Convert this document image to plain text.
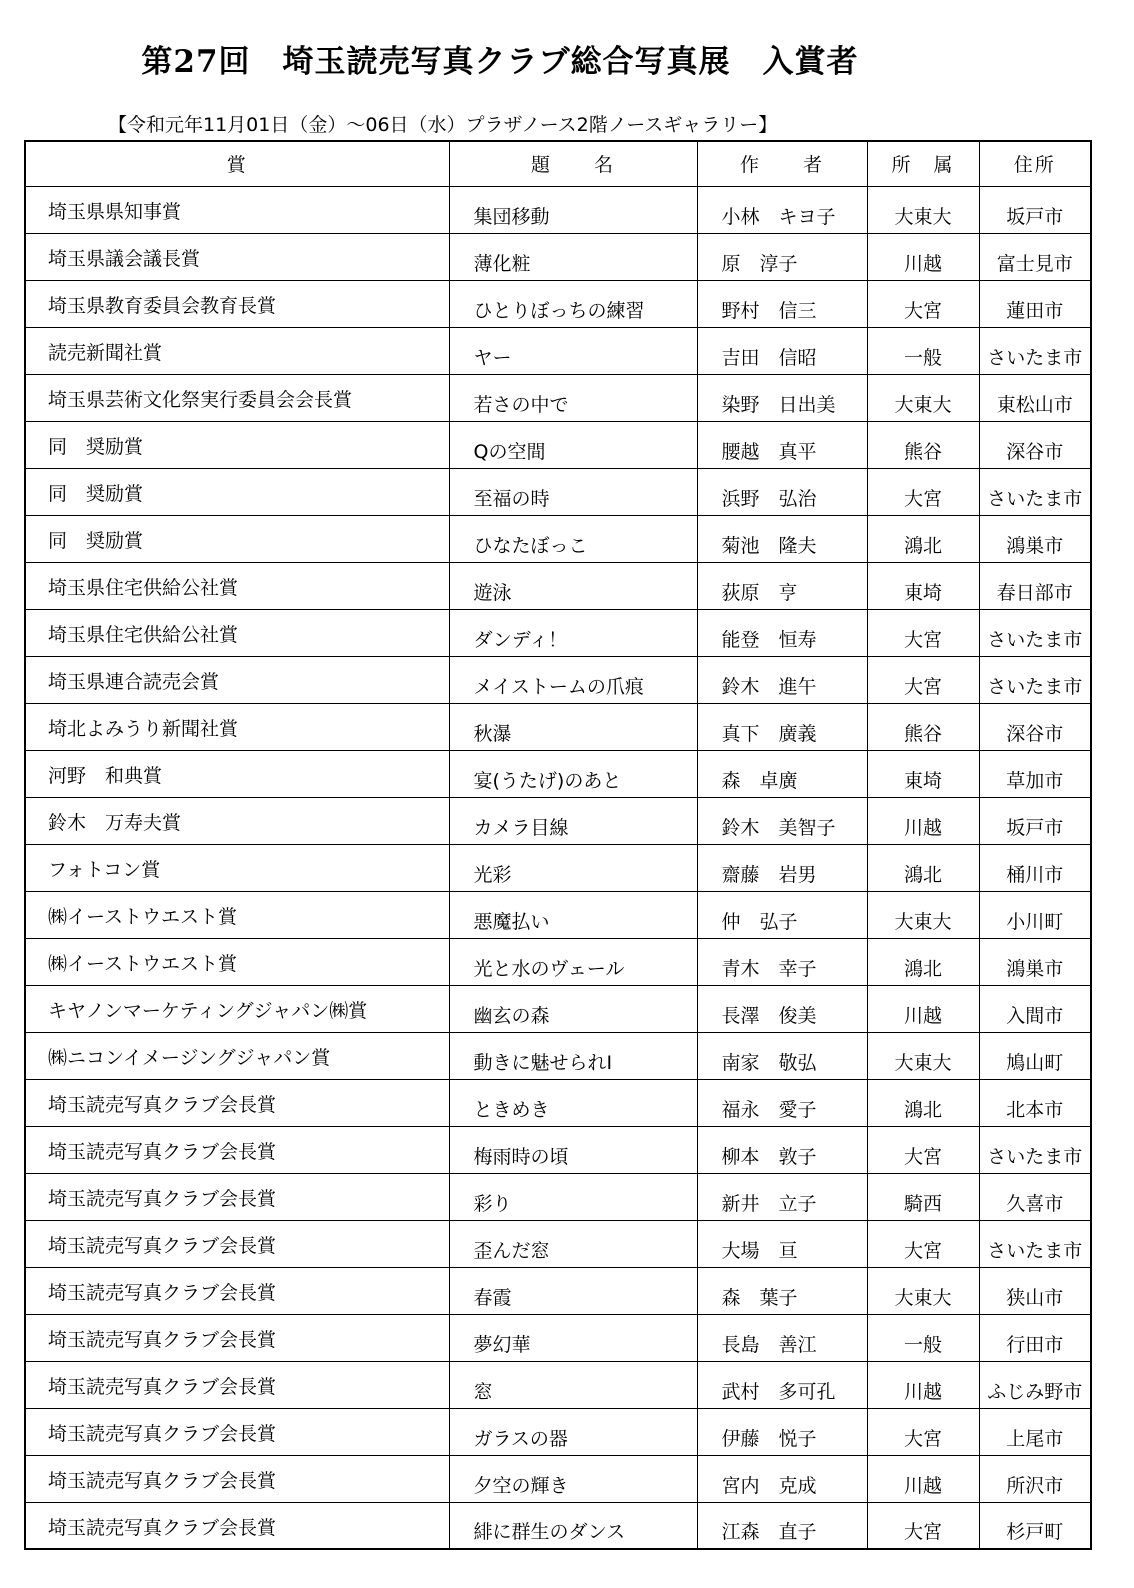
第27回　埼玉読売写真クラブ総合写真展　入賞者
【令和元年11月01日（金）～06日（水）プラザノース2階ノースギャラリー】
賞	題　　名	作　　者	所　属	住所
埼玉県県知事賞	集団移動	小林　キヨ子	大東大	坂戸市
埼玉県議会議長賞	薄化粧	原　淳子	川越	富士見市
埼玉県教育委員会教育長賞	ひとりぼっちの練習	野村　信三	大宮	蓮田市
読売新聞社賞	ヤー	吉田　信昭	一般	さいたま市
埼玉県芸術文化祭実行委員会会長賞	若さの中で	染野　日出美	大東大	東松山市
同　奨励賞	Qの空間	腰越　真平	熊谷	深谷市
同　奨励賞	至福の時	浜野　弘治	大宮	さいたま市
同　奨励賞	ひなたぼっこ	菊池　隆夫	鴻北	鴻巣市
埼玉県住宅供給公社賞	遊泳	荻原　亨	東埼	春日部市
埼玉県住宅供給公社賞	ダンディ！	能登　恒寿	大宮	さいたま市
埼玉県連合読売会賞	メイストームの爪痕	鈴木　進午	大宮	さいたま市
埼北よみうり新聞社賞	秋瀑	真下　廣義	熊谷	深谷市
河野　和典賞	宴(うたげ)のあと	森　卓廣	東埼	草加市
鈴木　万寿夫賞	カメラ目線	鈴木　美智子	川越	坂戸市
フォトコン賞	光彩	齋藤　岩男	鴻北	桶川市
㈱イーストウエスト賞	悪魔払い	仲　弘子	大東大	小川町
㈱イーストウエスト賞	光と水のヴェール	青木　幸子	鴻北	鴻巣市
キヤノンマーケティングジャパン㈱賞	幽玄の森	長澤　俊美	川越	入間市
㈱ニコンイメージングジャパン賞	動きに魅せられⅠ	南家　敬弘	大東大	鳩山町
埼玉読売写真クラブ会長賞	ときめき	福永　愛子	鴻北	北本市
埼玉読売写真クラブ会長賞	梅雨時の頃	柳本　敦子	大宮	さいたま市
埼玉読売写真クラブ会長賞	彩り	新井　立子	騎西	久喜市
埼玉読売写真クラブ会長賞	歪んだ窓	大場　亘	大宮	さいたま市
埼玉読売写真クラブ会長賞	春霞	森　葉子	大東大	狭山市
埼玉読売写真クラブ会長賞	夢幻華	長島　善江	一般	行田市
埼玉読売写真クラブ会長賞	窓	武村　多可孔	川越	ふじみ野市
埼玉読売写真クラブ会長賞	ガラスの器	伊藤　悦子	大宮	上尾市
埼玉読売写真クラブ会長賞	夕空の輝き	宮内　克成	川越	所沢市
埼玉読売写真クラブ会長賞	緋に群生のダンス	江森　直子	大宮	杉戸町
